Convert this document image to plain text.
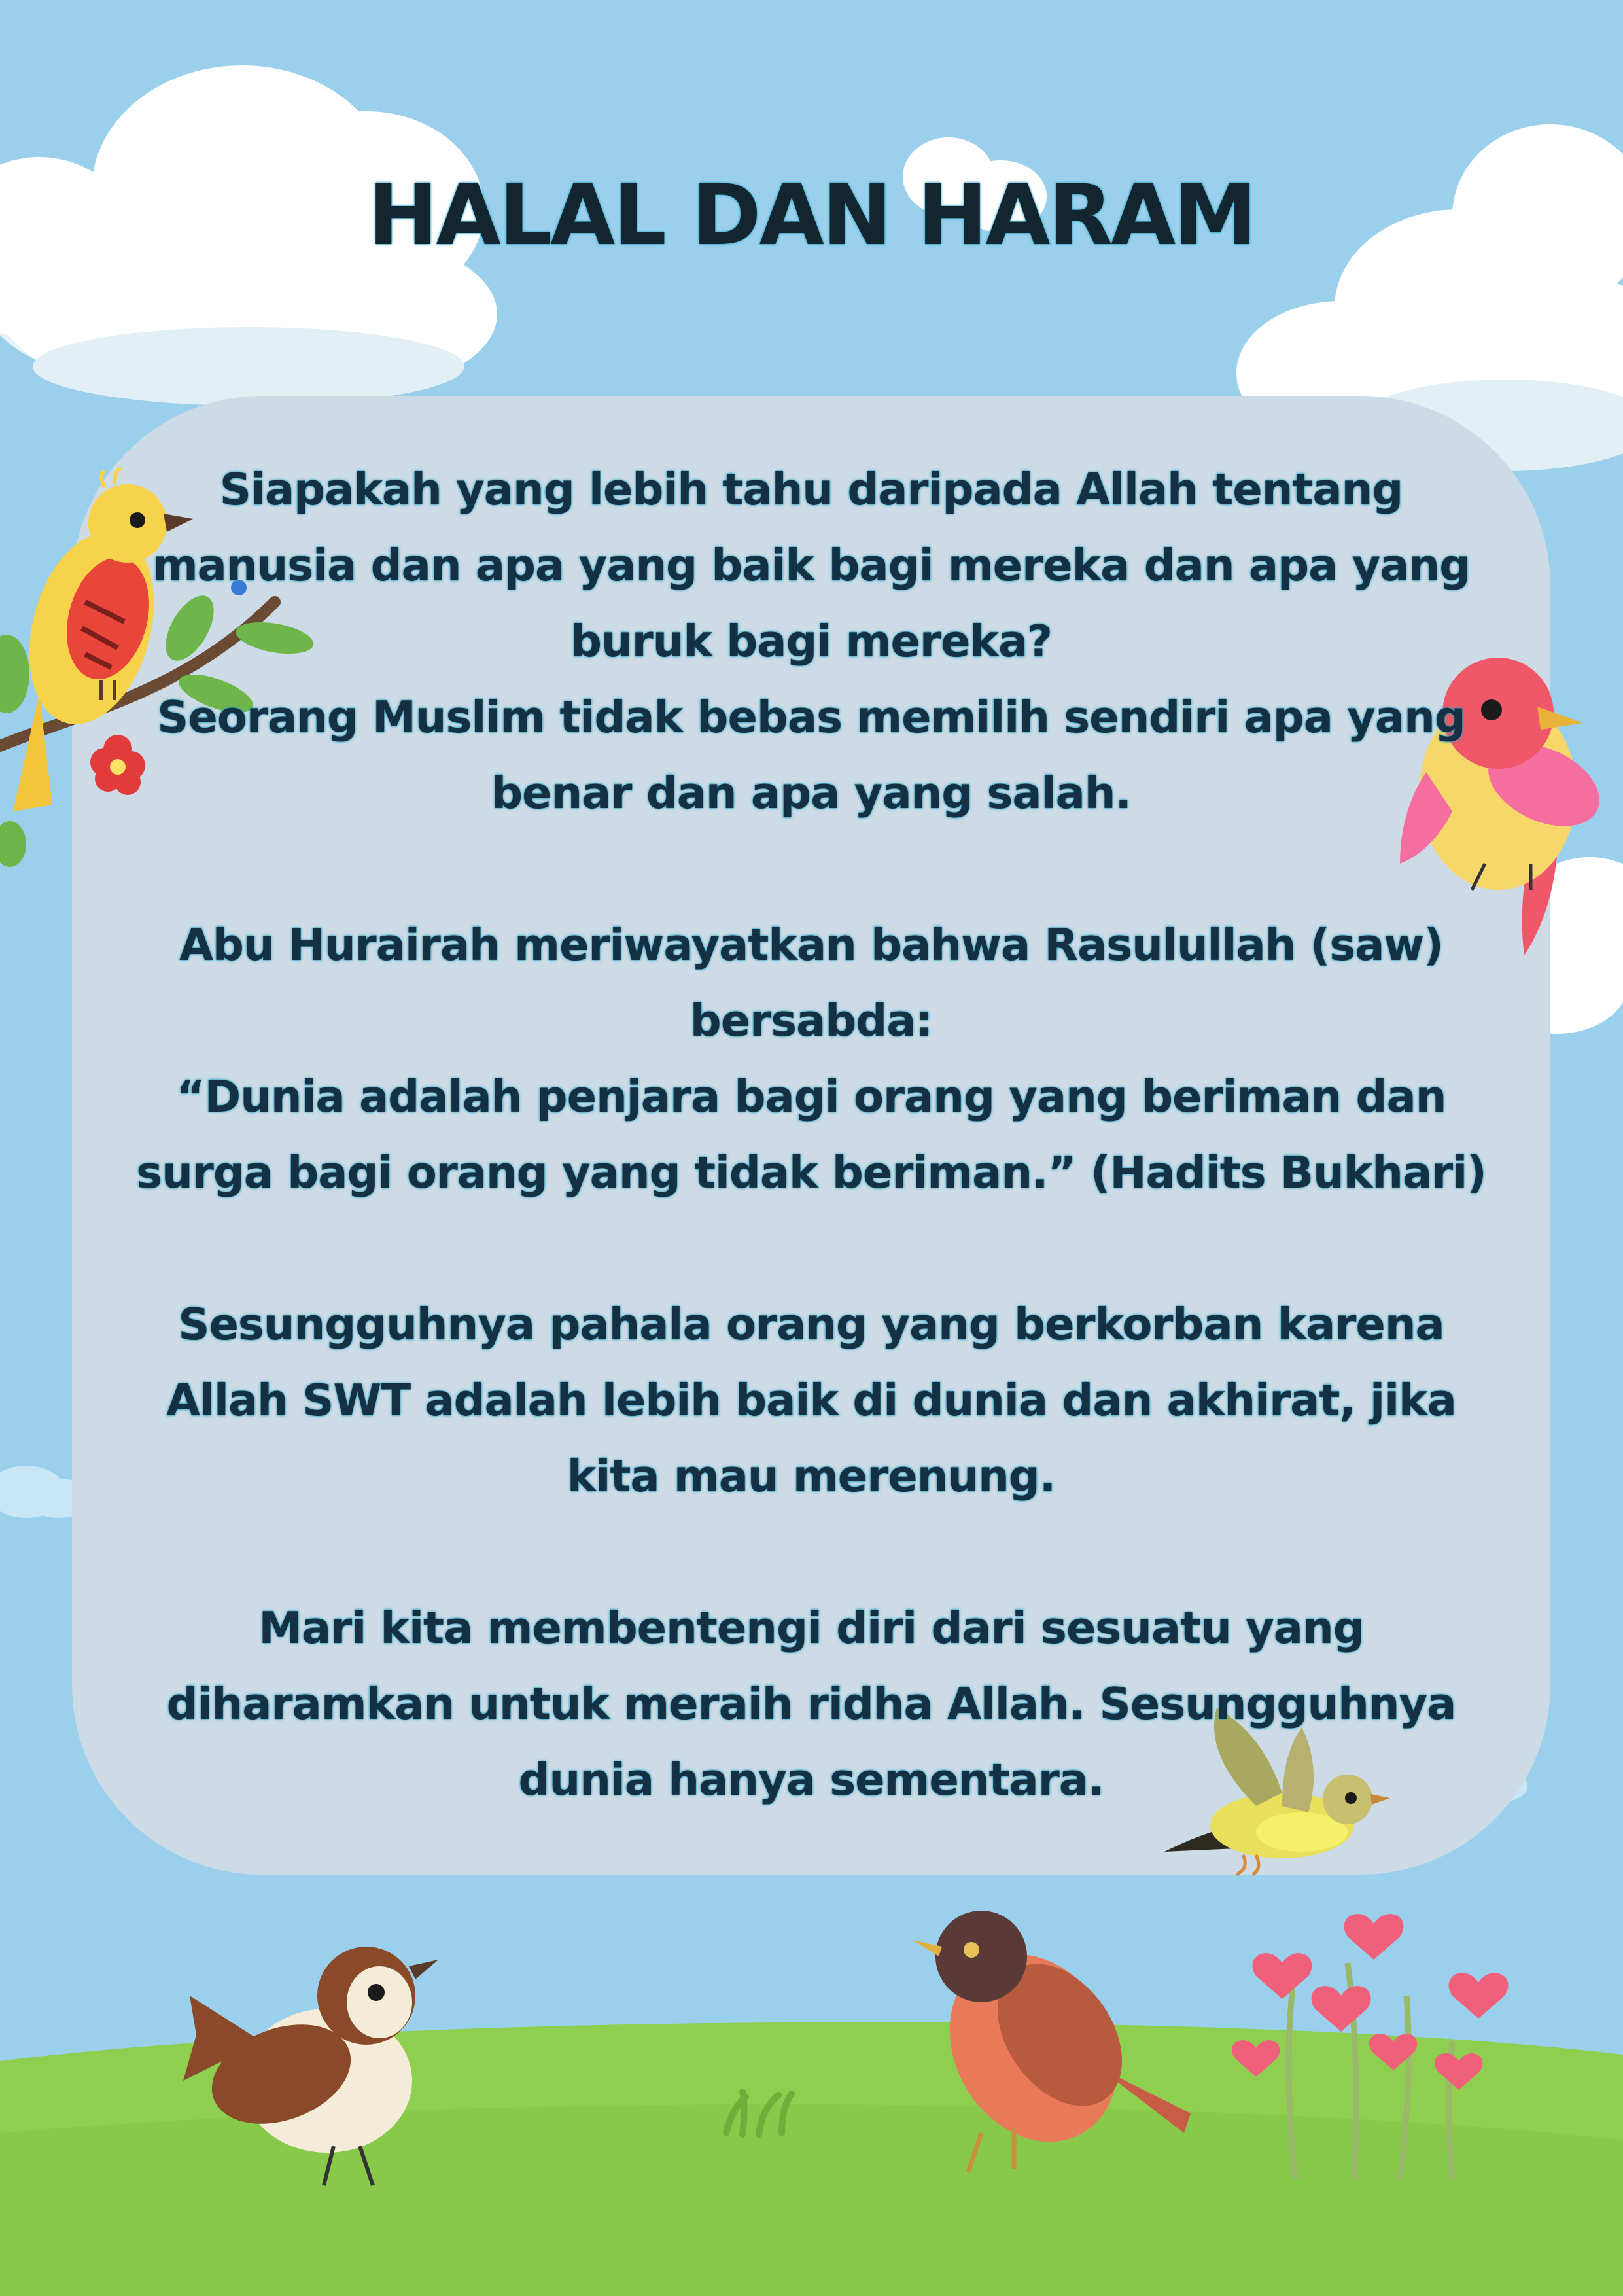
HALAL DAN HARAM

Siapakah yang lebih tahu daripada Allah tentang
manusia dan apa yang baik bagi mereka dan apa yang
buruk bagi mereka?
Seorang Muslim tidak bebas memilih sendiri apa yang
benar dan apa yang salah.

Abu Hurairah meriwayatkan bahwa Rasulullah (saw)
bersabda:
“Dunia adalah penjara bagi orang yang beriman dan
surga bagi orang yang tidak beriman.” (Hadits Bukhari)

Sesungguhnya pahala orang yang berkorban karena
Allah SWT adalah lebih baik di dunia dan akhirat, jika
kita mau merenung.

Mari kita membentengi diri dari sesuatu yang
diharamkan untuk meraih ridha Allah. Sesungguhnya
dunia hanya sementara.
